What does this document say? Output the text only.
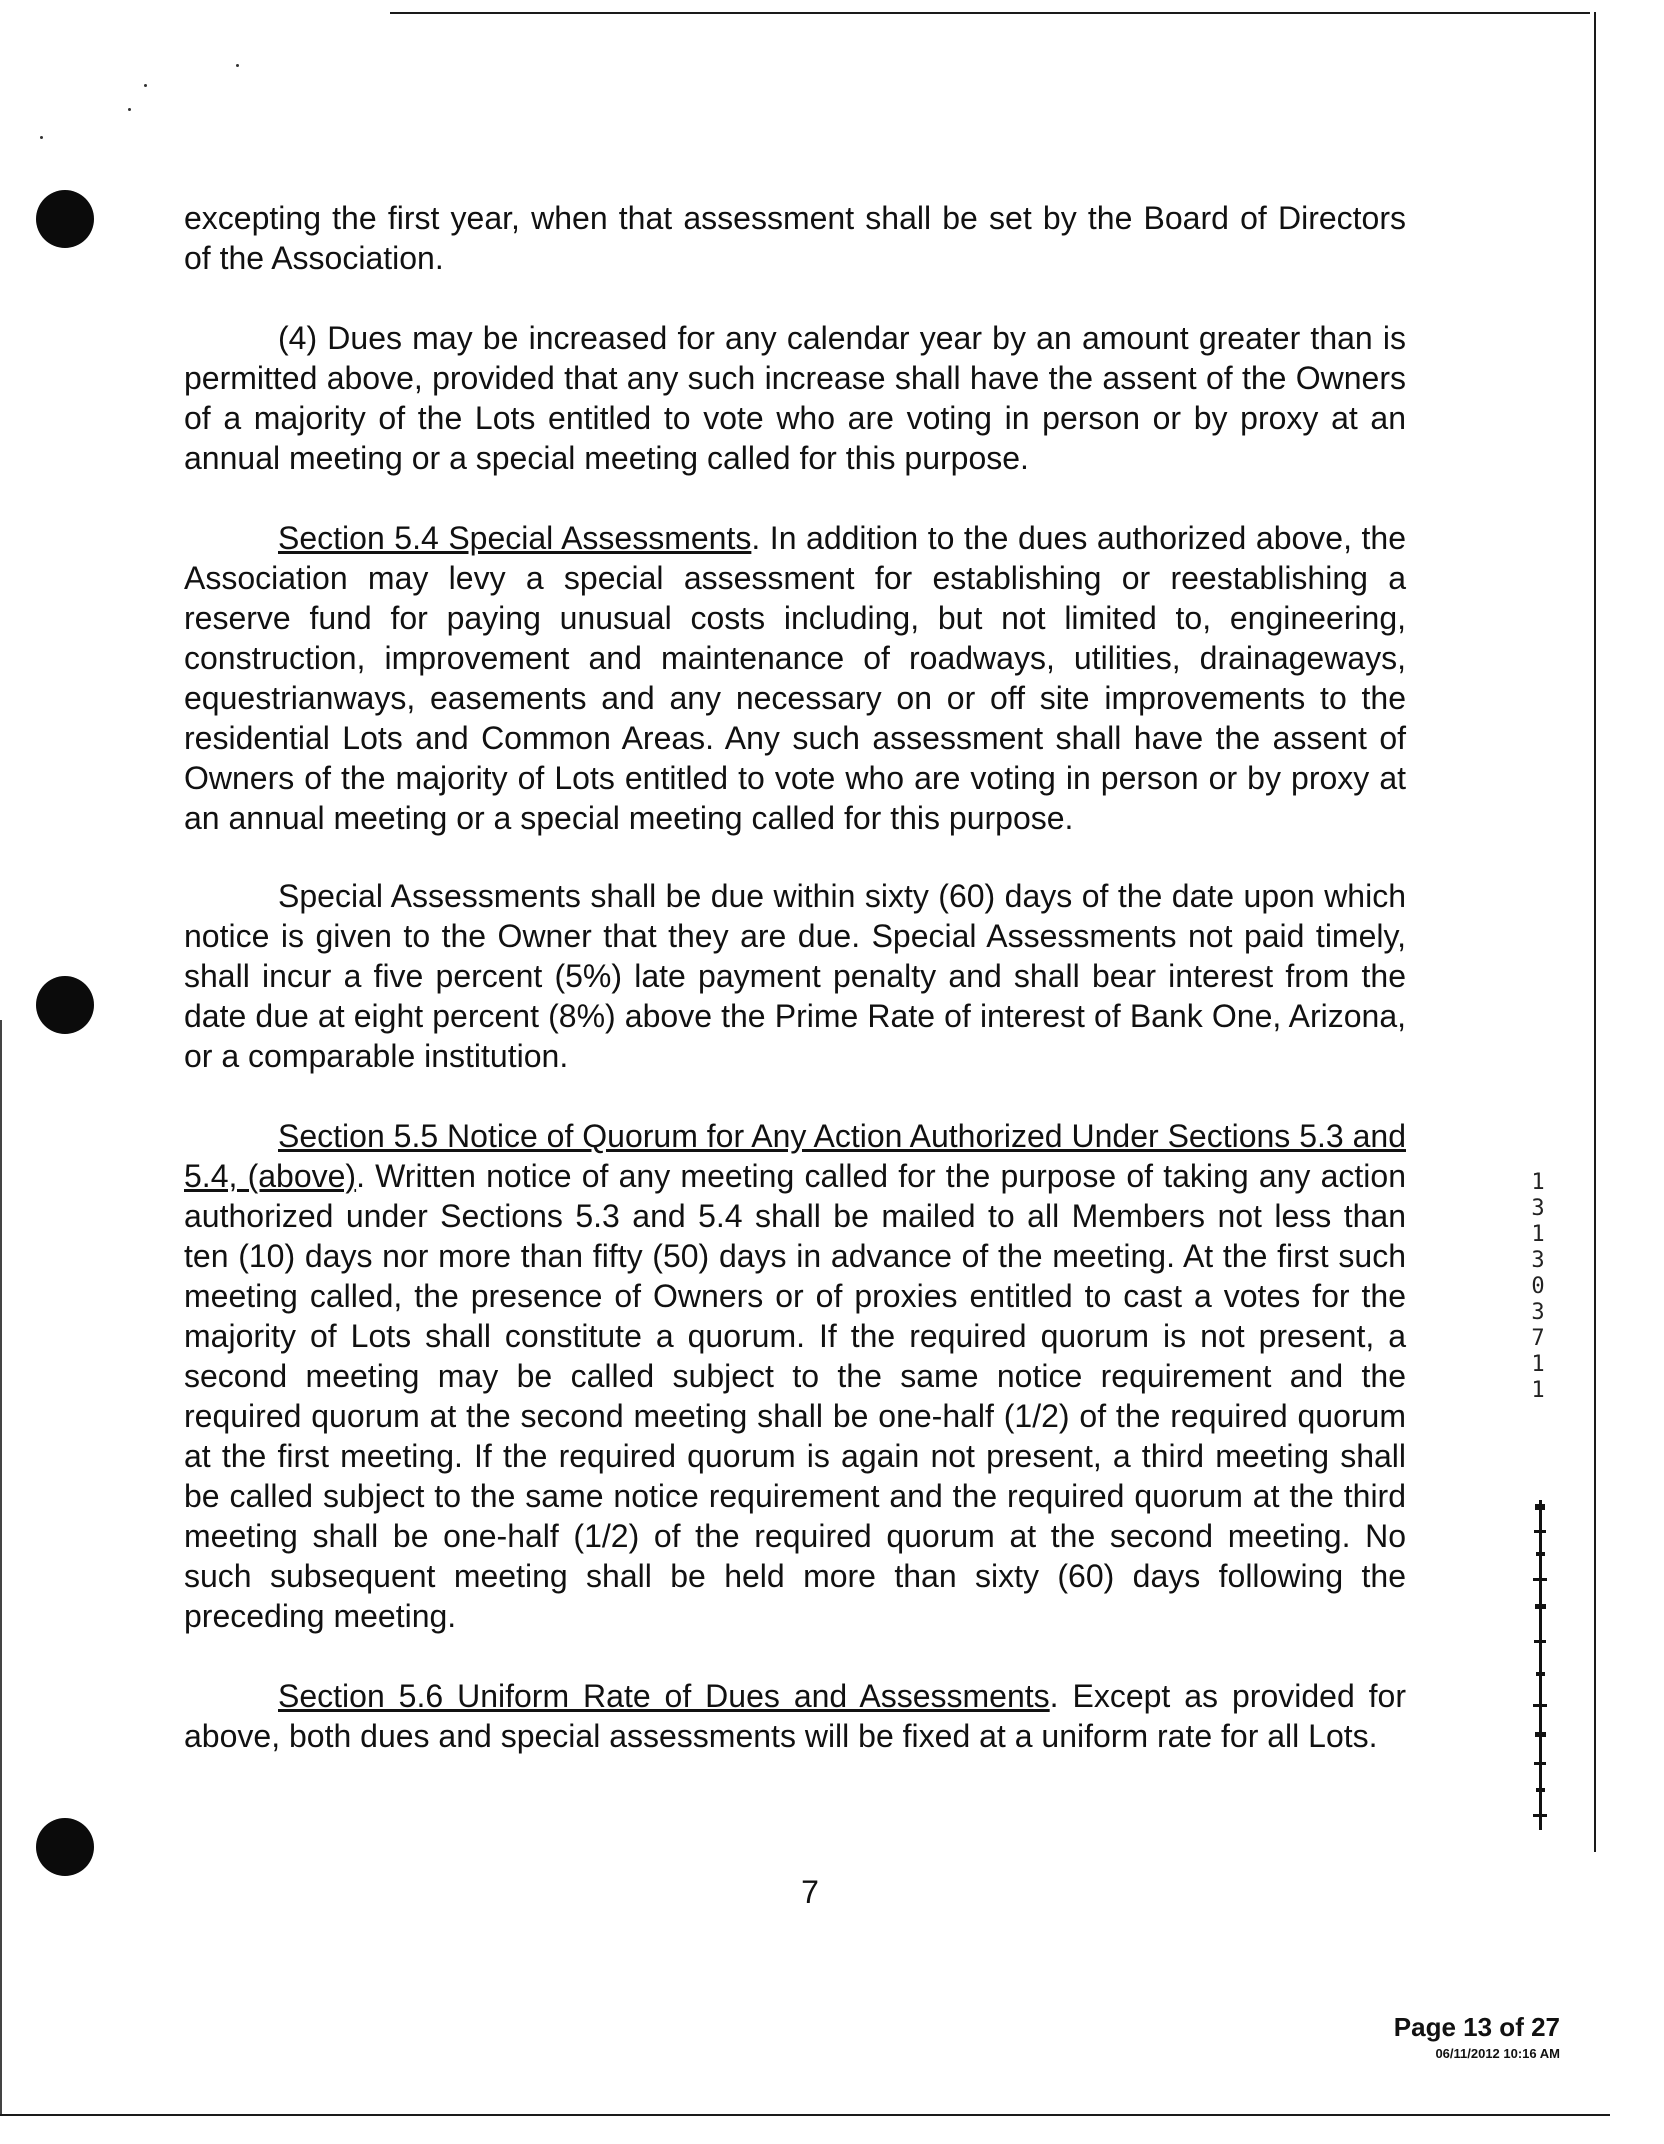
excepting the first year, when that assessment shall be set by the Board of Directors of the Association.

(4) Dues may be increased for any calendar year by an amount greater than is permitted above, provided that any such increase shall have the assent of the Owners of a majority of the Lots entitled to vote who are voting in person or by proxy at an annual meeting or a special meeting called for this purpose.

Section 5.4 Special Assessments. In addition to the dues authorized above, the Association may levy a special assessment for establishing or reestablishing a reserve fund for paying unusual costs including, but not limited to, engineering, construction, improvement and maintenance of roadways, utilities, drainageways, equestrianways, easements and any necessary on or off site improvements to the residential Lots and Common Areas. Any such assessment shall have the assent of Owners of the majority of Lots entitled to vote who are voting in person or by proxy at an annual meeting or a special meeting called for this purpose.

Special Assessments shall be due within sixty (60) days of the date upon which notice is given to the Owner that they are due. Special Assessments not paid timely, shall incur a five percent (5%) late payment penalty and shall bear interest from the date due at eight percent (8%) above the Prime Rate of interest of Bank One, Arizona, or a comparable institution.

Section 5.5 Notice of Quorum for Any Action Authorized Under Sections 5.3 and 5.4, (above). Written notice of any meeting called for the purpose of taking any action authorized under Sections 5.3 and 5.4 shall be mailed to all Members not less than ten (10) days nor more than fifty (50) days in advance of the meeting. At the first such meeting called, the presence of Owners or of proxies entitled to cast a votes for the majority of Lots shall constitute a quorum. If the required quorum is not present, a second meeting may be called subject to the same notice requirement and the required quorum at the second meeting shall be one-half (1/2) of the required quorum at the first meeting. If the required quorum is again not present, a third meeting shall be called subject to the same notice requirement and the required quorum at the third meeting shall be one-half (1/2) of the required quorum at the second meeting. No such subsequent meeting shall be held more than sixty (60) days following the preceding meeting.

Section 5.6 Uniform Rate of Dues and Assessments. Except as provided for above, both dues and special assessments will be fixed at a uniform rate for all Lots.

7
1
3
1
3
0
3
7
1
1
Page 13 of 27
06/11/2012 10:16 AM
